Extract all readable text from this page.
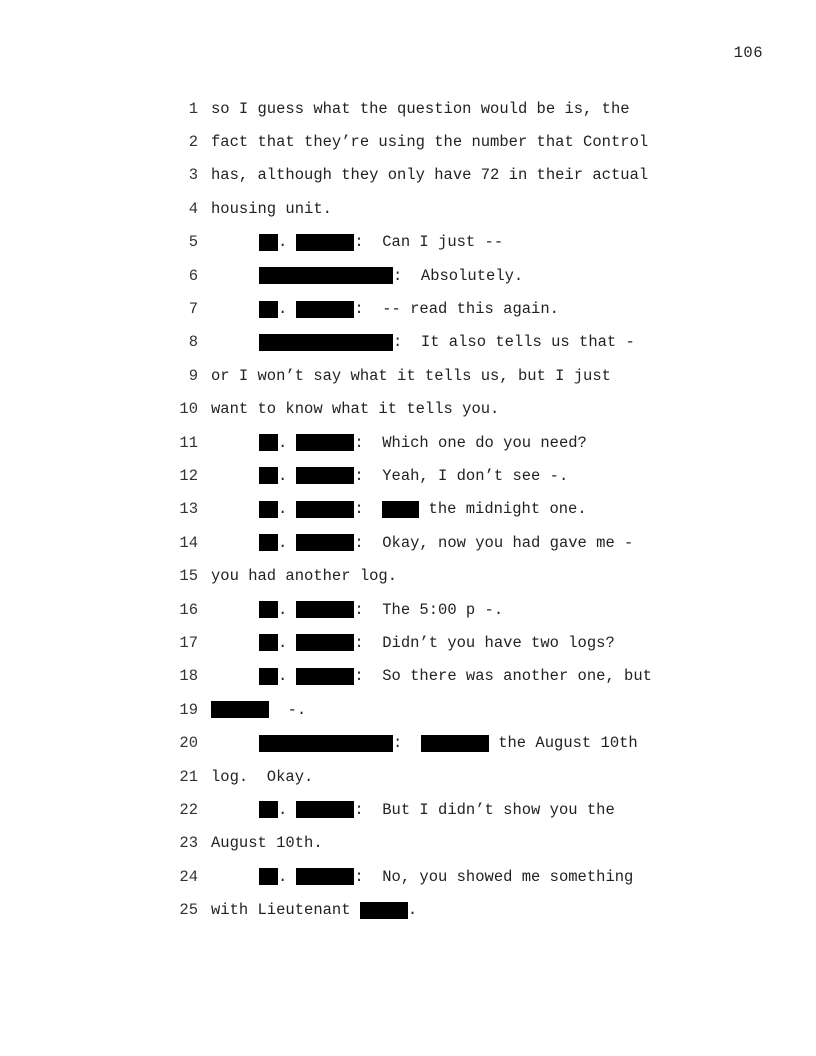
106
1 so I guess what the question would be is, the
2 fact that they’re using the number that Control
3 has, although they only have 72 in their actual
4 housing unit.
5	.	:  Can I just --
6	:  Absolutely.
7	.	:  -- read this again.
8	:  It also tells us that -
9 or I won’t say what it tells us, but I just
10 want to know what it tells you.
11	.	:  Which one do you need?
12	.	:  Yeah, I don’t see -.
13	.	: the midnight one.
14	.	:  Okay, now you had gave me -
15 you had another log.
16	.	:  The 5:00 p -.
17	.	:  Didn’t you have two logs?
18	.	:  So there was another one, but
19	-.
20	:	the August 10th
21 log.  Okay.
22	.	:  But I didn’t show you the
23 August 10th.
24	.	:  No, you showed me something
25 with Lieutenant	.
